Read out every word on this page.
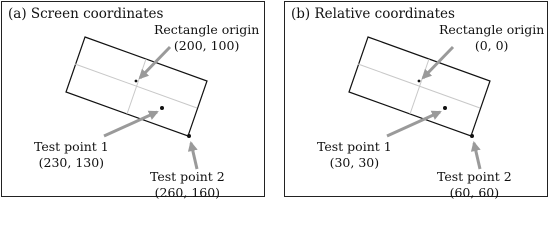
(a) Screen coordinates
Rectangle origin
(200, 100)
Test point 1
(230, 130)
Test point 2
(260, 160)
(b) Relative coordinates
Rectangle origin
(0, 0)
Test point 1
(30, 30)
Test point 2
(60, 60)
